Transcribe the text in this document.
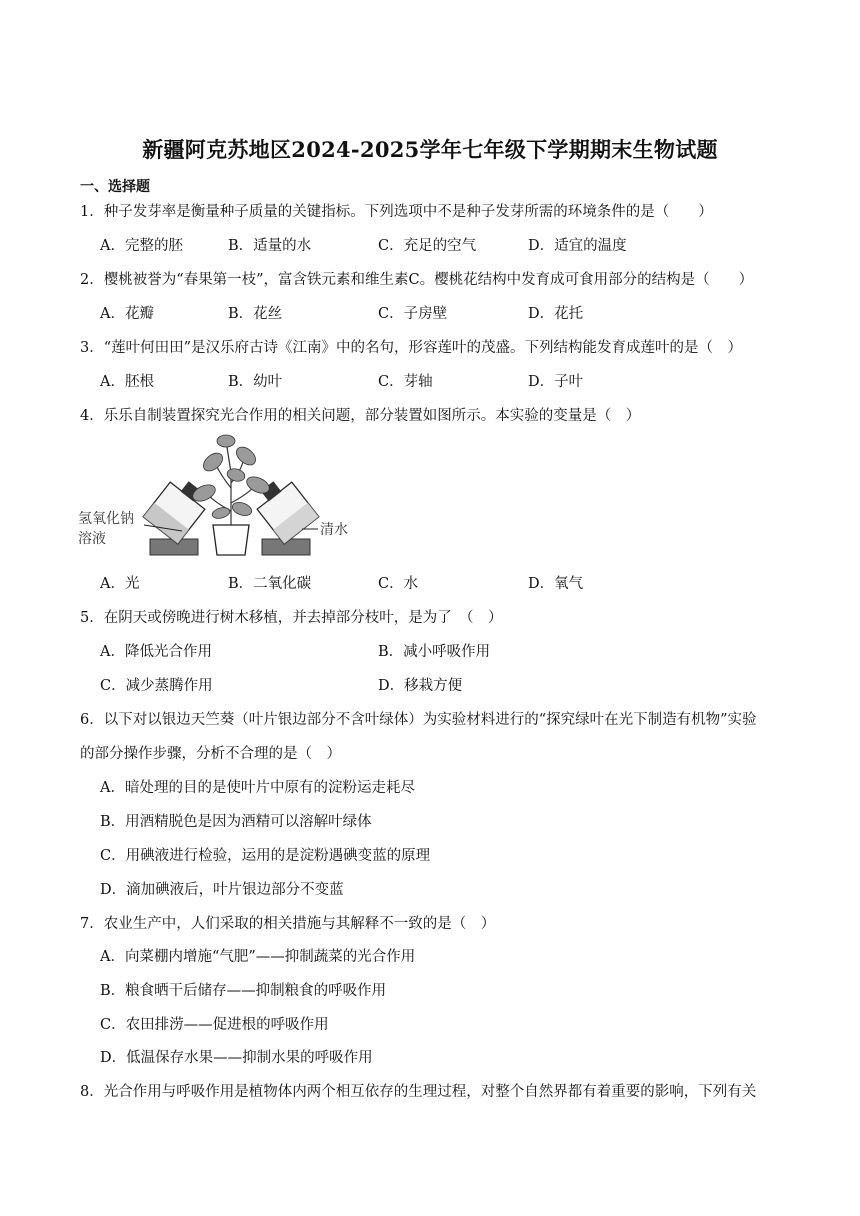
新疆阿克苏地区2024-2025学年七年级下学期期末生物试题
一、选择题
1．种子发芽率是衡量种子质量的关键指标。下列选项中不是种子发芽所需的环境条件的是（　　）
A．完整的胚	B．适量的水	C．充足的空气	D．适宜的温度
2．樱桃被誉为“春果第一枝”，富含铁元素和维生素C。樱桃花结构中发育成可食用部分的结构是（　　）
A．花瓣	B．花丝	C．子房壁	D．花托
3．“莲叶何田田”是汉乐府古诗《江南》中的名句，形容莲叶的茂盛。下列结构能发育成莲叶的是（　）
A．胚根	B．幼叶	C．芽轴	D．子叶
4．乐乐自制装置探究光合作用的相关问题，部分装置如图所示。本实验的变量是（　）
氢氧化钠
溶液
清水
A．光	B．二氧化碳	C．水	D．氧气
5．在阴天或傍晚进行树木移植，并去掉部分枝叶，是为了　（　）
A．降低光合作用	B．减小呼吸作用
C．减少蒸腾作用	D．移栽方便
6．以下对以银边天竺葵（叶片银边部分不含叶绿体）为实验材料进行的“探究绿叶在光下制造有机物”实验
的部分操作步骤，分析不合理的是（　）
A．暗处理的目的是使叶片中原有的淀粉运走耗尽
B．用酒精脱色是因为酒精可以溶解叶绿体
C．用碘液进行检验，运用的是淀粉遇碘变蓝的原理
D．滴加碘液后，叶片银边部分不变蓝
7．农业生产中，人们采取的相关措施与其解释不一致的是（　）
A．向菜棚内增施“气肥”——抑制蔬菜的光合作用
B．粮食晒干后储存——抑制粮食的呼吸作用
C．农田排涝——促进根的呼吸作用
D．低温保存水果——抑制水果的呼吸作用
8．光合作用与呼吸作用是植物体内两个相互依存的生理过程，对整个自然界都有着重要的影响，下列有关
